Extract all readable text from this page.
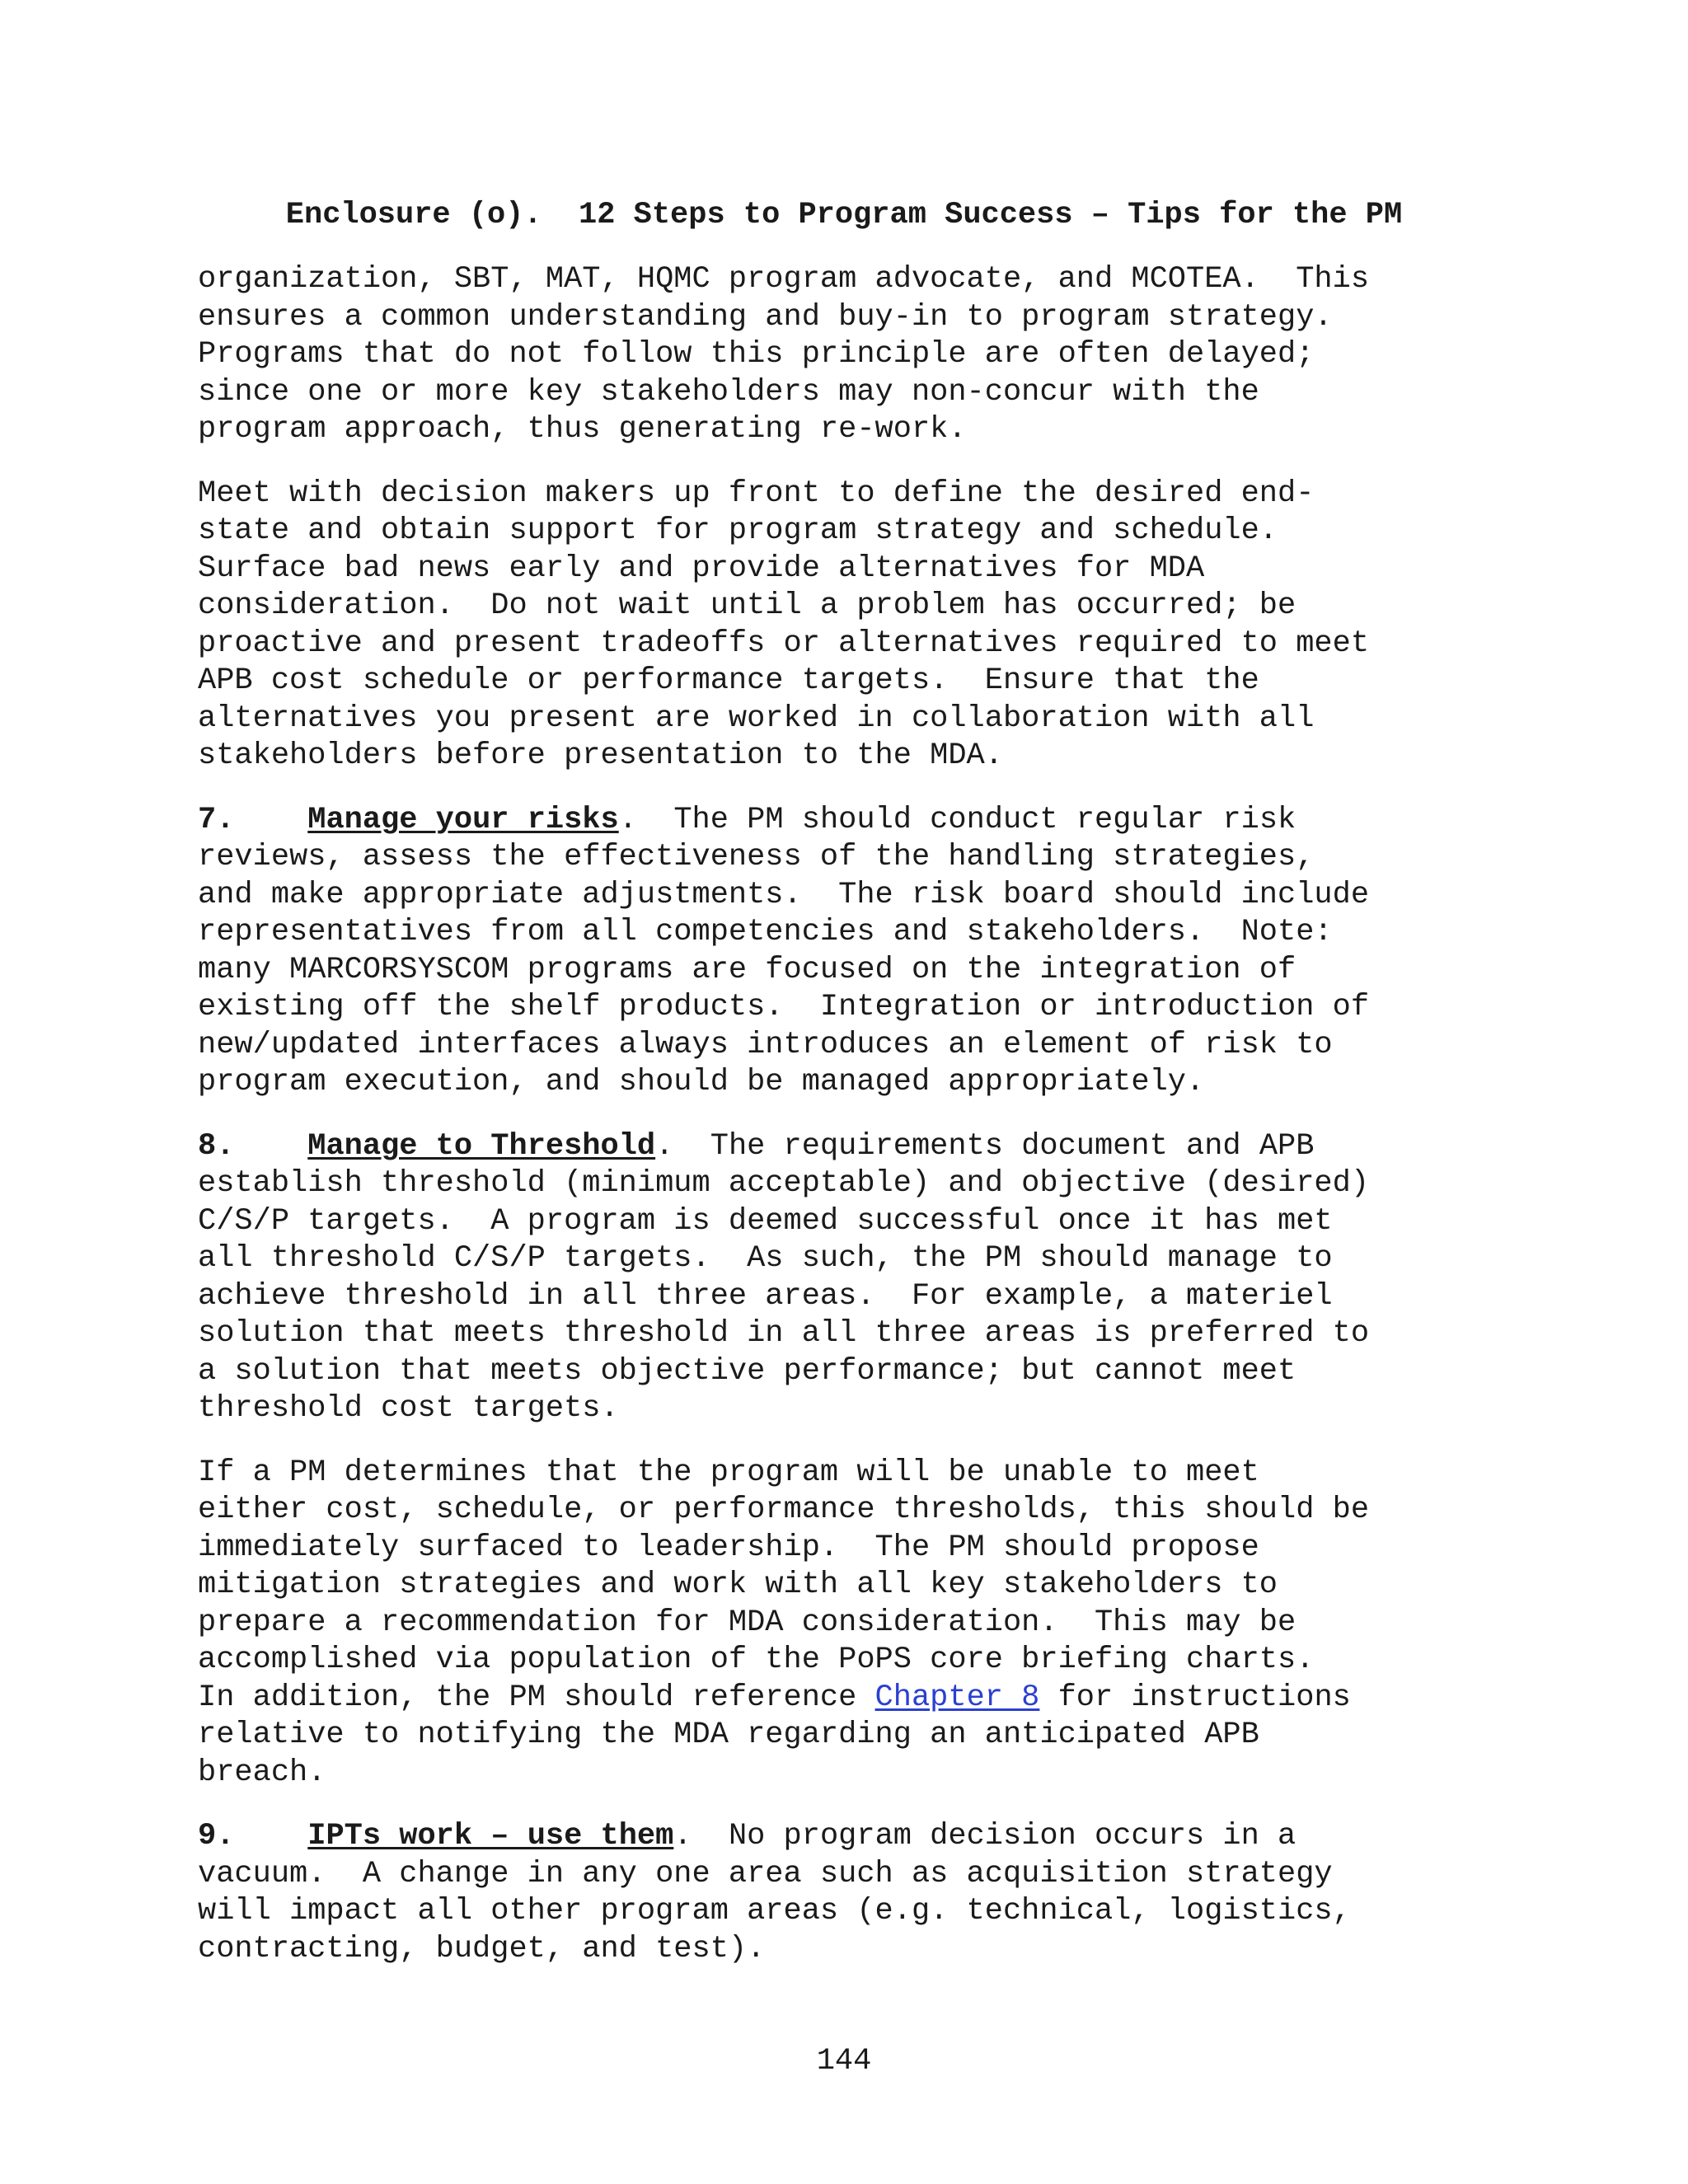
Enclosure (o).  12 Steps to Program Success – Tips for the PM

organization, SBT, MAT, HQMC program advocate, and MCOTEA.  This
ensures a common understanding and buy-in to program strategy.
Programs that do not follow this principle are often delayed;
since one or more key stakeholders may non-concur with the
program approach, thus generating re-work.

Meet with decision makers up front to define the desired end-
state and obtain support for program strategy and schedule.
Surface bad news early and provide alternatives for MDA
consideration.  Do not wait until a problem has occurred; be
proactive and present tradeoffs or alternatives required to meet
APB cost schedule or performance targets.  Ensure that the
alternatives you present are worked in collaboration with all
stakeholders before presentation to the MDA.

7. Manage your risks.  The PM should conduct regular risk
reviews, assess the effectiveness of the handling strategies,
and make appropriate adjustments.  The risk board should include
representatives from all competencies and stakeholders.  Note:
many MARCORSYSCOM programs are focused on the integration of
existing off the shelf products.  Integration or introduction of
new/updated interfaces always introduces an element of risk to
program execution, and should be managed appropriately.

8. Manage to Threshold.  The requirements document and APB
establish threshold (minimum acceptable) and objective (desired)
C/S/P targets.  A program is deemed successful once it has met
all threshold C/S/P targets.  As such, the PM should manage to
achieve threshold in all three areas.  For example, a materiel
solution that meets threshold in all three areas is preferred to
a solution that meets objective performance; but cannot meet
threshold cost targets.

If a PM determines that the program will be unable to meet
either cost, schedule, or performance thresholds, this should be
immediately surfaced to leadership.  The PM should propose
mitigation strategies and work with all key stakeholders to
prepare a recommendation for MDA consideration.  This may be
accomplished via population of the PoPS core briefing charts.
In addition, the PM should reference Chapter 8 for instructions
relative to notifying the MDA regarding an anticipated APB
breach.

9. IPTs work – use them.  No program decision occurs in a
vacuum.  A change in any one area such as acquisition strategy
will impact all other program areas (e.g. technical, logistics,
contracting, budget, and test).

144
